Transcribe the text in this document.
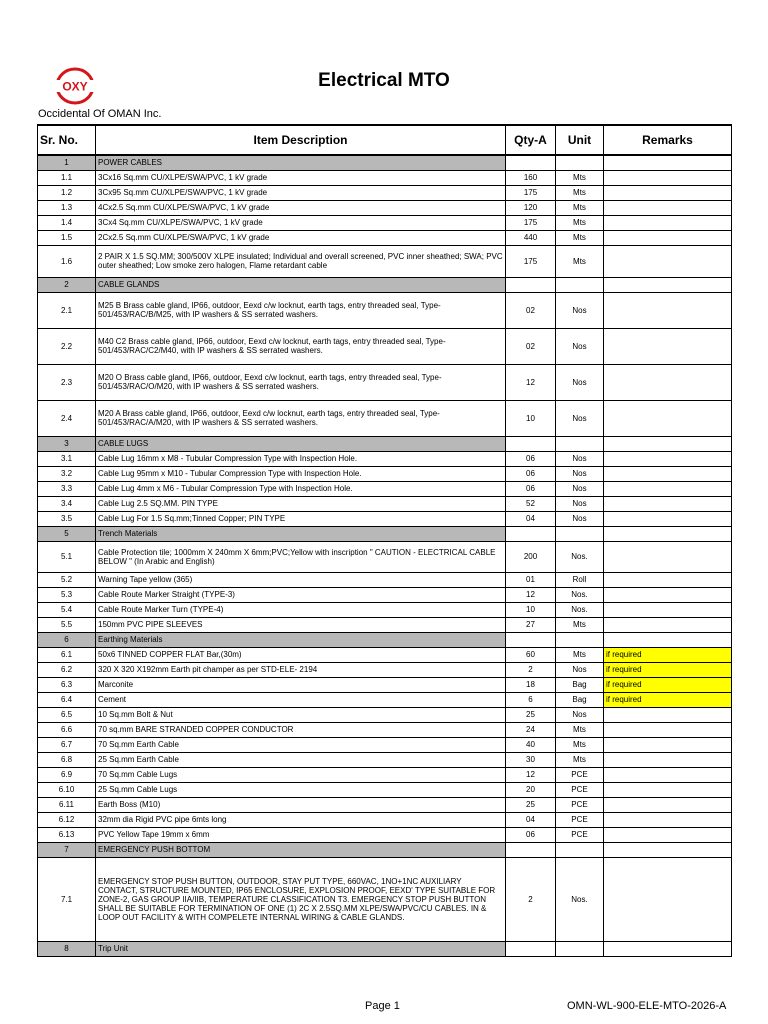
OXY	Electrical MTO
Occidental Of OMAN Inc.
Sr. No.	Item Description	Qty-A	Unit	Remarks
1	POWER CABLES			
1.1	3Cx16 Sq.mm CU/XLPE/SWA/PVC, 1 kV grade	160	Mts	
1.2	3Cx95 Sq.mm CU/XLPE/SWA/PVC, 1 kV grade	175	Mts	
1.3	4Cx2.5 Sq.mm CU/XLPE/SWA/PVC, 1 kV grade	120	Mts	
1.4	3Cx4 Sq.mm CU/XLPE/SWA/PVC, 1 kV grade	175	Mts	
1.5	2Cx2.5 Sq.mm CU/XLPE/SWA/PVC, 1 kV grade	440	Mts	
1.6	2 PAIR X 1.5 SQ.MM; 300/500V XLPE insulated; Individual and overall screened, PVC inner sheathed; SWA; PVC outer sheathed; Low smoke zero halogen, Flame retardant cable	175	Mts	
2	CABLE GLANDS			
2.1	M25 B Brass cable gland, IP66, outdoor, Eexd c/w locknut, earth tags, entry threaded seal, Type-501/453/RAC/B/M25, with IP washers & SS serrated washers.	02	Nos	
2.2	M40 C2 Brass cable gland, IP66, outdoor, Eexd c/w locknut, earth tags, entry threaded seal, Type-501/453/RAC/C2/M40, with IP washers & SS serrated washers.	02	Nos	
2.3	M20 O Brass cable gland, IP66, outdoor, Eexd c/w locknut, earth tags, entry threaded seal, Type-501/453/RAC/O/M20, with IP washers & SS serrated washers.	12	Nos	
2.4	M20 A Brass cable gland, IP66, outdoor, Eexd c/w locknut, earth tags, entry threaded seal, Type-501/453/RAC/A/M20, with IP washers & SS serrated washers.	10	Nos	
3	CABLE LUGS			
3.1	Cable Lug 16mm x M8 - Tubular Compression Type with Inspection Hole.	06	Nos	
3.2	Cable Lug 95mm x M10 - Tubular Compression Type with Inspection Hole.	06	Nos	
3.3	Cable Lug 4mm x M6 - Tubular Compression Type with Inspection Hole.	06	Nos	
3.4	Cable Lug 2.5 SQ.MM. PIN TYPE	52	Nos	
3.5	Cable Lug For 1.5 Sq.mm;Tinned Copper; PIN TYPE	04	Nos	
5	Trench Materials			
5.1	Cable Protection tile; 1000mm X 240mm X 6mm;PVC;Yellow with inscription " CAUTION - ELECTRICAL CABLE BELOW " (In Arabic and English)	200	Nos.	
5.2	Warning Tape yellow (365)	01	Roll	
5.3	Cable Route Marker Straight (TYPE-3)	12	Nos.	
5.4	Cable Route Marker Turn (TYPE-4)	10	Nos.	
5.5	150mm PVC PIPE SLEEVES	27	Mts	
6	Earthing Materials			
6.1	50x6 TINNED COPPER FLAT Bar,(30m)	60	Mts	if required
6.2	320 X 320 X192mm Earth pit champer as per STD-ELE- 2194	2	Nos	if required
6.3	Marconite	18	Bag	if required
6.4	Cement	6	Bag	if required
6.5	10 Sq.mm Bolt & Nut	25	Nos	
6.6	70 sq.mm BARE STRANDED COPPER CONDUCTOR	24	Mts	
6.7	70 Sq.mm Earth Cable	40	Mts	
6.8	25 Sq.mm Earth Cable	30	Mts	
6.9	70 Sq.mm Cable Lugs	12	PCE	
6.10	25 Sq.mm Cable Lugs	20	PCE	
6.11	Earth Boss (M10)	25	PCE	
6.12	32mm dia Rigid PVC pipe 6mts long	04	PCE	
6.13	PVC Yellow Tape 19mm x 6mm	06	PCE	
7	EMERGENCY PUSH BOTTOM			
7.1	EMERGENCY STOP PUSH BUTTON, OUTDOOR, STAY PUT TYPE, 660VAC, 1NO+1NC AUXILIARY CONTACT, STRUCTURE MOUNTED, IP65 ENCLOSURE, EXPLOSION PROOF, EEXD' TYPE SUITABLE FOR ZONE-2, GAS GROUP IIA/IIB, TEMPERATURE CLASSIFICATION T3. EMERGENCY STOP PUSH BUTTON SHALL BE SUITABLE FOR TERMINATION OF ONE (1) 2C X 2.5SQ.MM XLPE/SWA/PVC/CU CABLES. IN & LOOP OUT FACILITY & WITH COMPELETE INTERNAL WIRING & CABLE GLANDS.	2	Nos.	
8	Trip Unit			
Page 1	OMN-WL-900-ELE-MTO-2026-A
